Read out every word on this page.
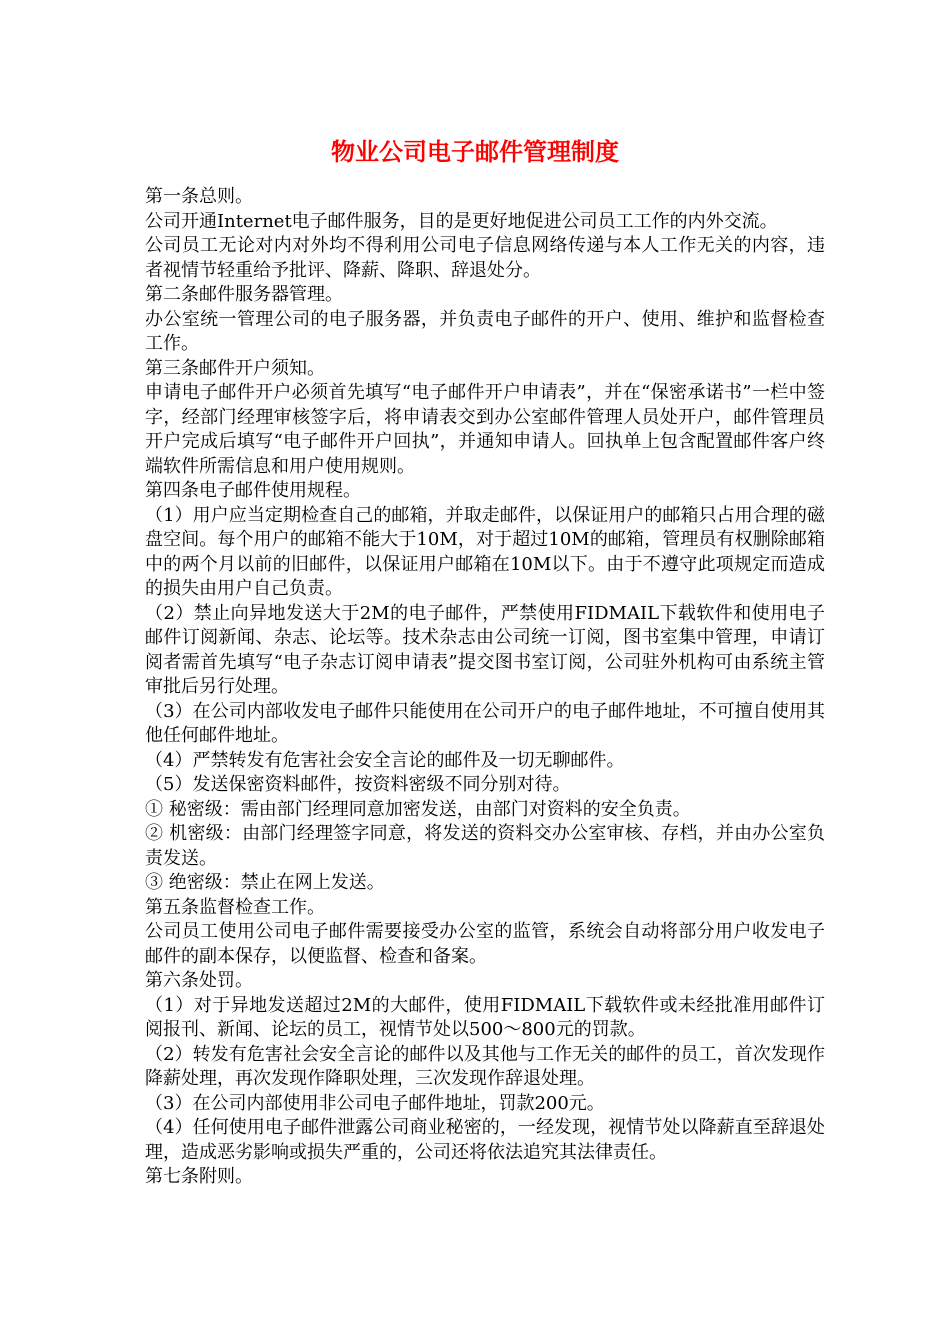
物业公司电子邮件管理制度

第一条总则。

公司开通Internet电子邮件服务，目的是更好地促进公司员工工作的内外交流。

公司员工无论对内对外均不得利用公司电子信息网络传递与本人工作无关的内容，违者视情节轻重给予批评、降薪、降职、辞退处分。

第二条邮件服务器管理。

办公室统一管理公司的电子服务器，并负责电子邮件的开户、使用、维护和监督检查工作。

第三条邮件开户须知。

申请电子邮件开户必须首先填写“电子邮件开户申请表”，并在“保密承诺书”一栏中签字，经部门经理审核签字后，将申请表交到办公室邮件管理人员处开户，邮件管理员开户完成后填写“电子邮件开户回执”，并通知申请人。回执单上包含配置邮件客户终端软件所需信息和用户使用规则。

第四条电子邮件使用规程。

（1）用户应当定期检查自己的邮箱，并取走邮件，以保证用户的邮箱只占用合理的磁盘空间。每个用户的邮箱不能大于10M，对于超过10M的邮箱，管理员有权删除邮箱中的两个月以前的旧邮件，以保证用户邮箱在10M以下。由于不遵守此项规定而造成的损失由用户自己负责。

（2）禁止向异地发送大于2M的电子邮件，严禁使用FIDMAIL下载软件和使用电子邮件订阅新闻、杂志、论坛等。技术杂志由公司统一订阅，图书室集中管理，申请订阅者需首先填写“电子杂志订阅申请表”提交图书室订阅，公司驻外机构可由系统主管审批后另行处理。

（3）在公司内部收发电子邮件只能使用在公司开户的电子邮件地址，不可擅自使用其他任何邮件地址。

（4）严禁转发有危害社会安全言论的邮件及一切无聊邮件。

（5）发送保密资料邮件，按资料密级不同分别对待。

① 秘密级：需由部门经理同意加密发送，由部门对资料的安全负责。

② 机密级：由部门经理签字同意，将发送的资料交办公室审核、存档，并由办公室负责发送。

③ 绝密级：禁止在网上发送。

第五条监督检查工作。

公司员工使用公司电子邮件需要接受办公室的监管，系统会自动将部分用户收发电子邮件的副本保存，以便监督、检查和备案。

第六条处罚。

（1）对于异地发送超过2M的大邮件，使用FIDMAIL下载软件或未经批准用邮件订阅报刊、新闻、论坛的员工，视情节处以500～800元的罚款。

（2）转发有危害社会安全言论的邮件以及其他与工作无关的邮件的员工，首次发现作降薪处理，再次发现作降职处理，三次发现作辞退处理。

（3）在公司内部使用非公司电子邮件地址，罚款200元。

（4）任何使用电子邮件泄露公司商业秘密的，一经发现，视情节处以降薪直至辞退处理，造成恶劣影响或损失严重的，公司还将依法追究其法律责任。

第七条附则。
